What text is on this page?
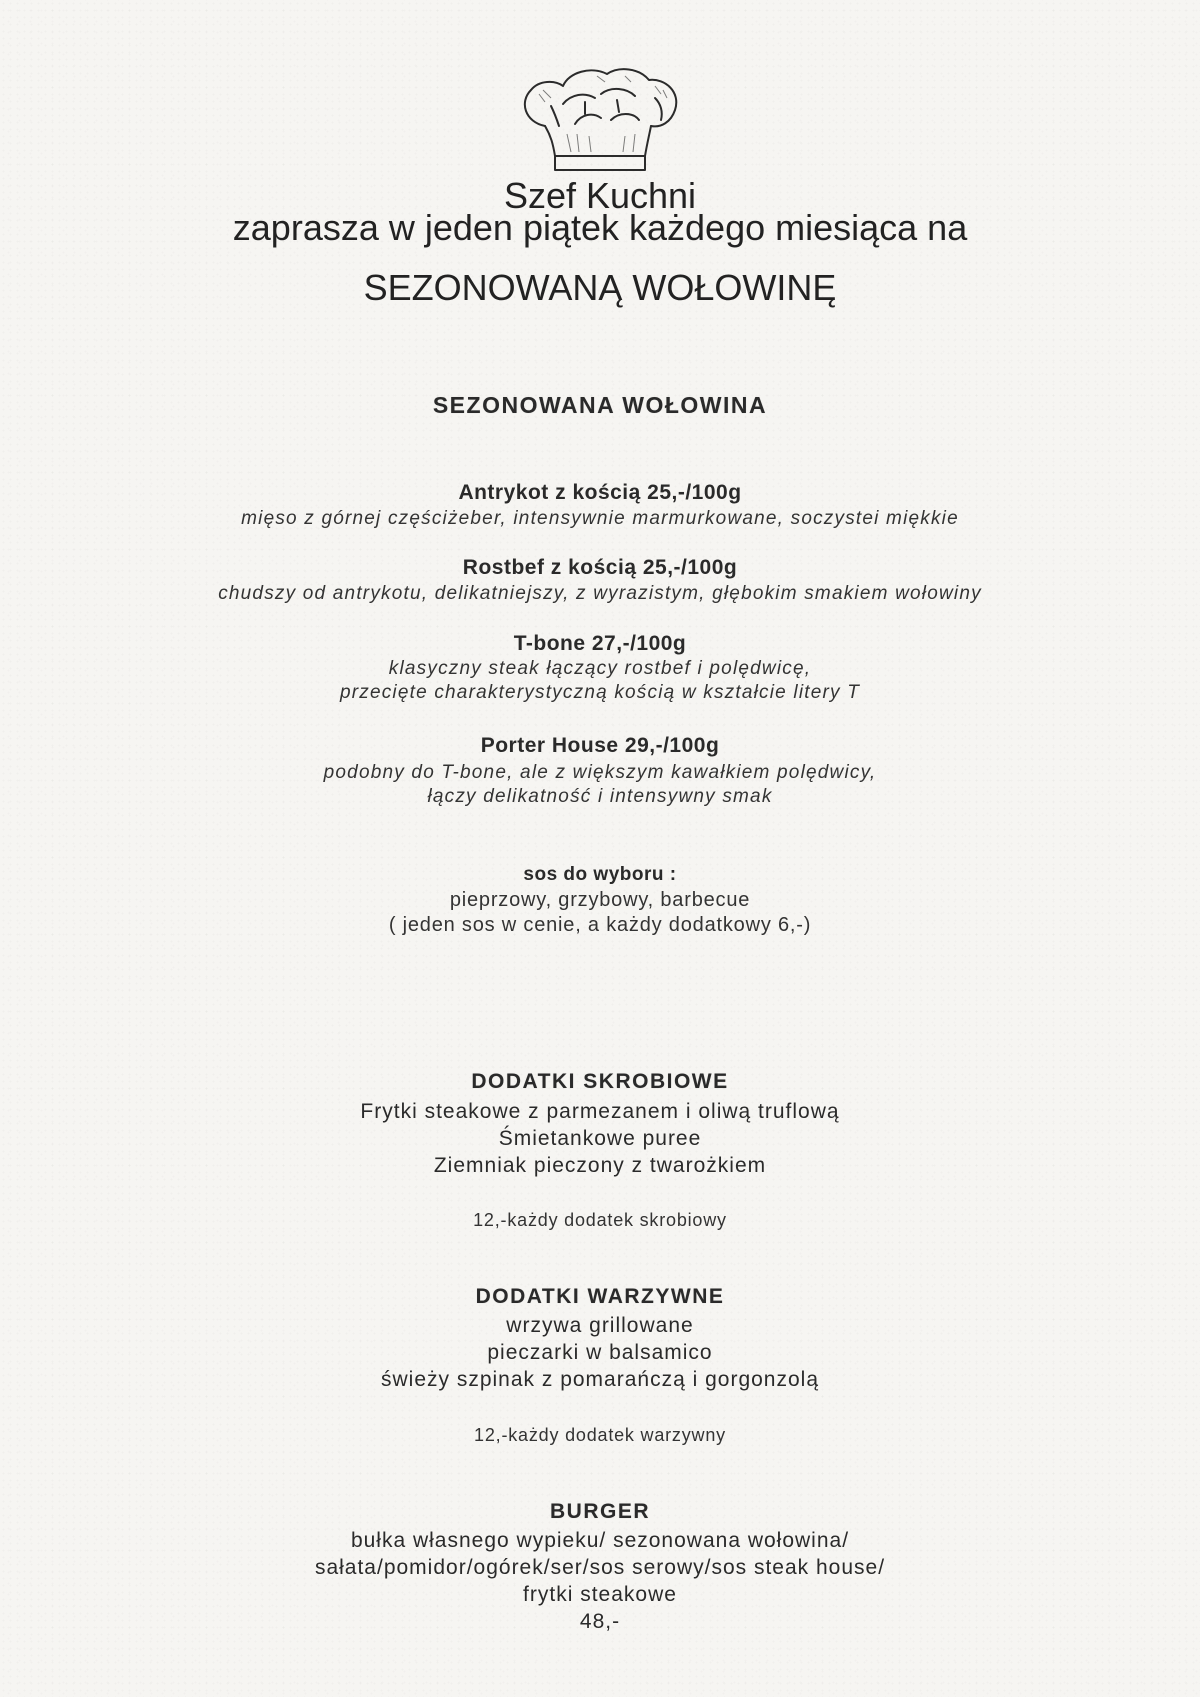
Szef Kuchni
zaprasza w jeden piątek każdego miesiąca na
SEZONOWANĄ WOŁOWINĘ
SEZONOWANA WOŁOWINA
Antrykot z kością 25,-/100g
mięso z górnej częściżeber, intensywnie marmurkowane, soczystei miękkie
Rostbef z kością 25,-/100g
chudszy od antrykotu, delikatniejszy, z wyrazistym, głębokim smakiem wołowiny
T-bone 27,-/100g
klasyczny steak łączący rostbef i polędwicę,
przecięte charakterystyczną kością w kształcie litery T
Porter House 29,-/100g
podobny do T-bone, ale z większym kawałkiem polędwicy,
łączy delikatność i intensywny smak
sos do wyboru :
pieprzowy, grzybowy, barbecue
( jeden sos w cenie, a każdy dodatkowy 6,-)
DODATKI SKROBIOWE
Frytki steakowe z parmezanem i oliwą truflową
Śmietankowe puree
Ziemniak pieczony z twarożkiem
12,-każdy dodatek skrobiowy
DODATKI WARZYWNE
wrzywa grillowane
pieczarki w balsamico
świeży szpinak z pomarańczą i gorgonzolą
12,-każdy dodatek warzywny
BURGER
bułka własnego wypieku/ sezonowana wołowina/
sałata/pomidor/ogórek/ser/sos serowy/sos steak house/
frytki steakowe
48,-
